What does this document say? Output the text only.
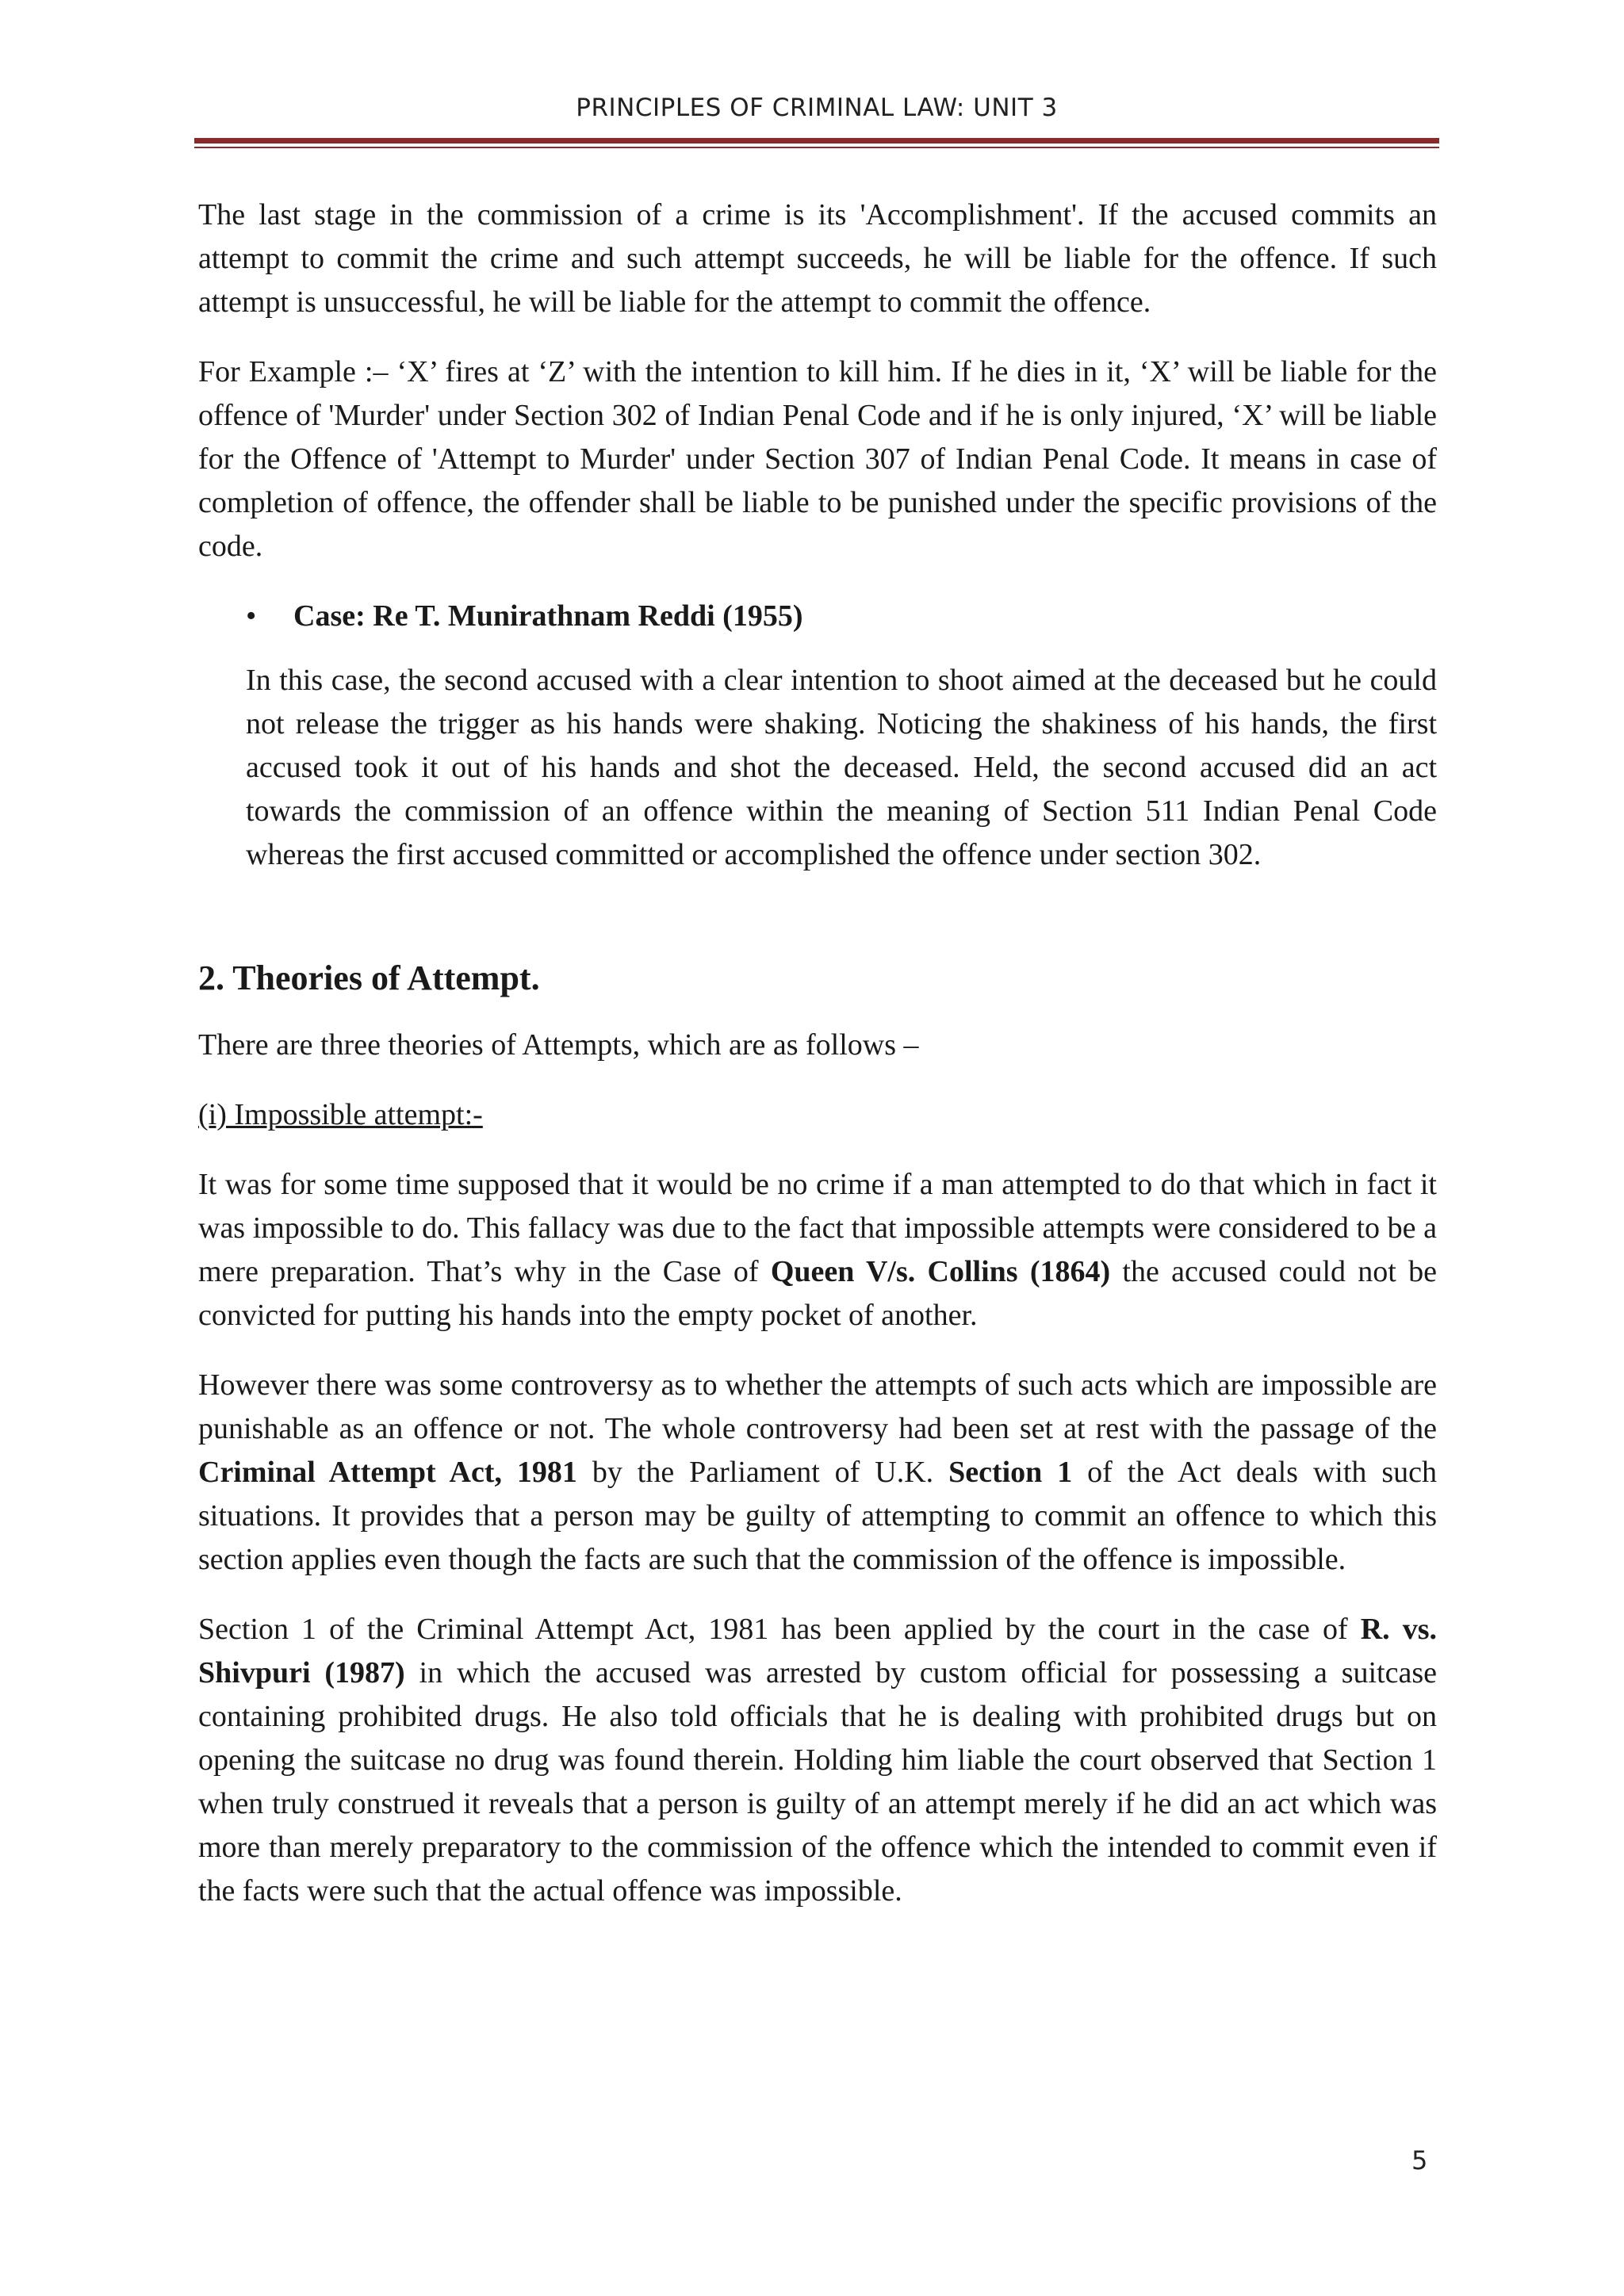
PRINCIPLES OF CRIMINAL LAW: UNIT 3

The last stage in the commission of a crime is its 'Accomplishment'. If the accused commits an attempt to commit the crime and such attempt succeeds, he will be liable for the offence. If such attempt is unsuccessful, he will be liable for the attempt to commit the offence.

For Example :– ‘X’ fires at ‘Z’ with the intention to kill him. If he dies in it, ‘X’ will be liable for the offence of 'Murder' under Section 302 of Indian Penal Code and if he is only injured, ‘X’ will be liable for the Offence of 'Attempt to Murder' under Section 307 of Indian Penal Code. It means in case of completion of offence, the offender shall be liable to be punished under the specific provisions of the code.

•	Case: Re T. Munirathnam Reddi (1955)

In this case, the second accused with a clear intention to shoot aimed at the deceased but he could not release the trigger as his hands were shaking. Noticing the shakiness of his hands, the first accused took it out of his hands and shot the deceased. Held, the second accused did an act towards the commission of an offence within the meaning of Section 511 Indian Penal Code whereas the first accused committed or accomplished the offence under section 302.

2. Theories of Attempt.

There are three theories of Attempts, which are as follows –

(i) Impossible attempt:-

It was for some time supposed that it would be no crime if a man attempted to do that which in fact it was impossible to do. This fallacy was due to the fact that impossible attempts were considered to be a mere preparation. That’s why in the Case of Queen V/s. Collins (1864) the accused could not be convicted for putting his hands into the empty pocket of another.

However there was some controversy as to whether the attempts of such acts which are impossible are punishable as an offence or not. The whole controversy had been set at rest with the passage of the Criminal Attempt Act, 1981 by the Parliament of U.K. Section 1 of the Act deals with such situations. It provides that a person may be guilty of attempting to commit an offence to which this section applies even though the facts are such that the commission of the offence is impossible.

Section 1 of the Criminal Attempt Act, 1981 has been applied by the court in the case of R. vs. Shivpuri (1987) in which the accused was arrested by custom official for possessing a suitcase containing prohibited drugs. He also told officials that he is dealing with prohibited drugs but on opening the suitcase no drug was found therein. Holding him liable the court observed that Section 1 when truly construed it reveals that a person is guilty of an attempt merely if he did an act which was more than merely preparatory to the commission of the offence which the intended to commit even if the facts were such that the actual offence was impossible.

5
